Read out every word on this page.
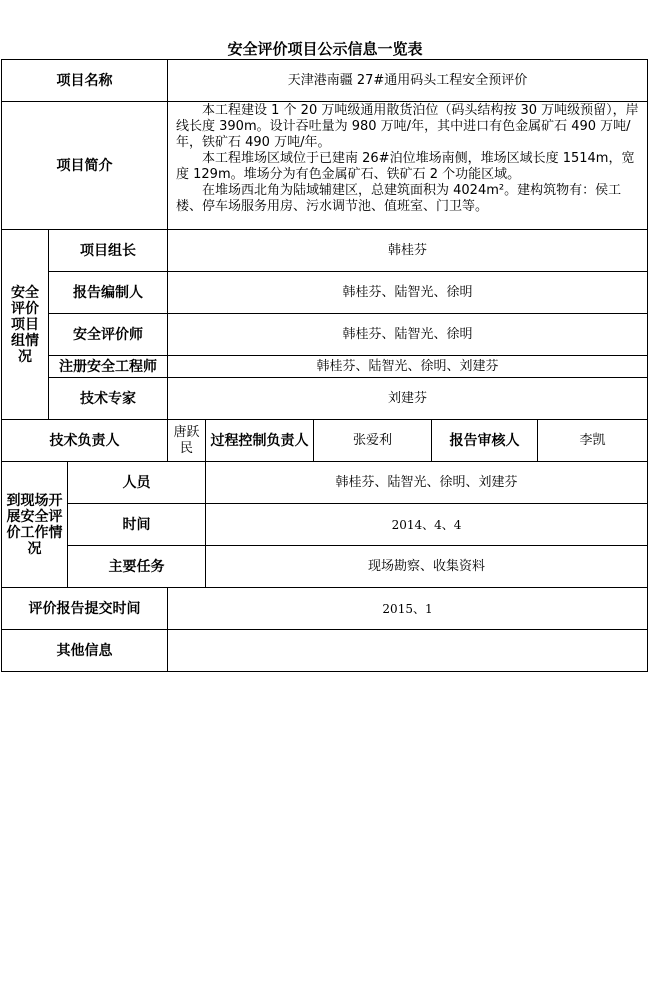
安全评价项目公示信息一览表
项目名称			天津港南疆 27#通用码头工程安全预评价				
项目简介			本工程建设 1 个 20 万吨级通用散货泊位（码头结构按 30 万吨级预留），岸线长度 390m。设计吞吐量为 980 万吨/年，其中进口有色金属矿石 490 万吨/年，铁矿石 490 万吨/年。

本工程堆场区域位于已建南 26#泊位堆场南侧，堆场区域长度 1514m，宽度 129m。堆场分为有色金属矿石、铁矿石 2 个功能区域。

在堆场西北角为陆域辅建区，总建筑面积为 4024m²。建构筑物有：侯工楼、停车场服务用房、污水调节池、值班室、门卫等。				

安全评价项目组情况	项目组长		韩桂芬				
	报告编制人		韩桂芬、陆智光、徐明				
	安全评价师		韩桂芬、陆智光、徐明				
	注册安全工程师		韩桂芬、陆智光、徐明、刘建芬				
	技术专家		刘建芬				
技术负责人			唐跃民	过程控制负责人	张爱利	报告审核人	李凯
到现场开展安全评价工作情况		人员		韩桂芬、陆智光、徐明、刘建芬			
		时间		2014、4、4			
		主要任务		现场勘察、收集资料			
评价报告提交时间			2015、1				
其他信息							
